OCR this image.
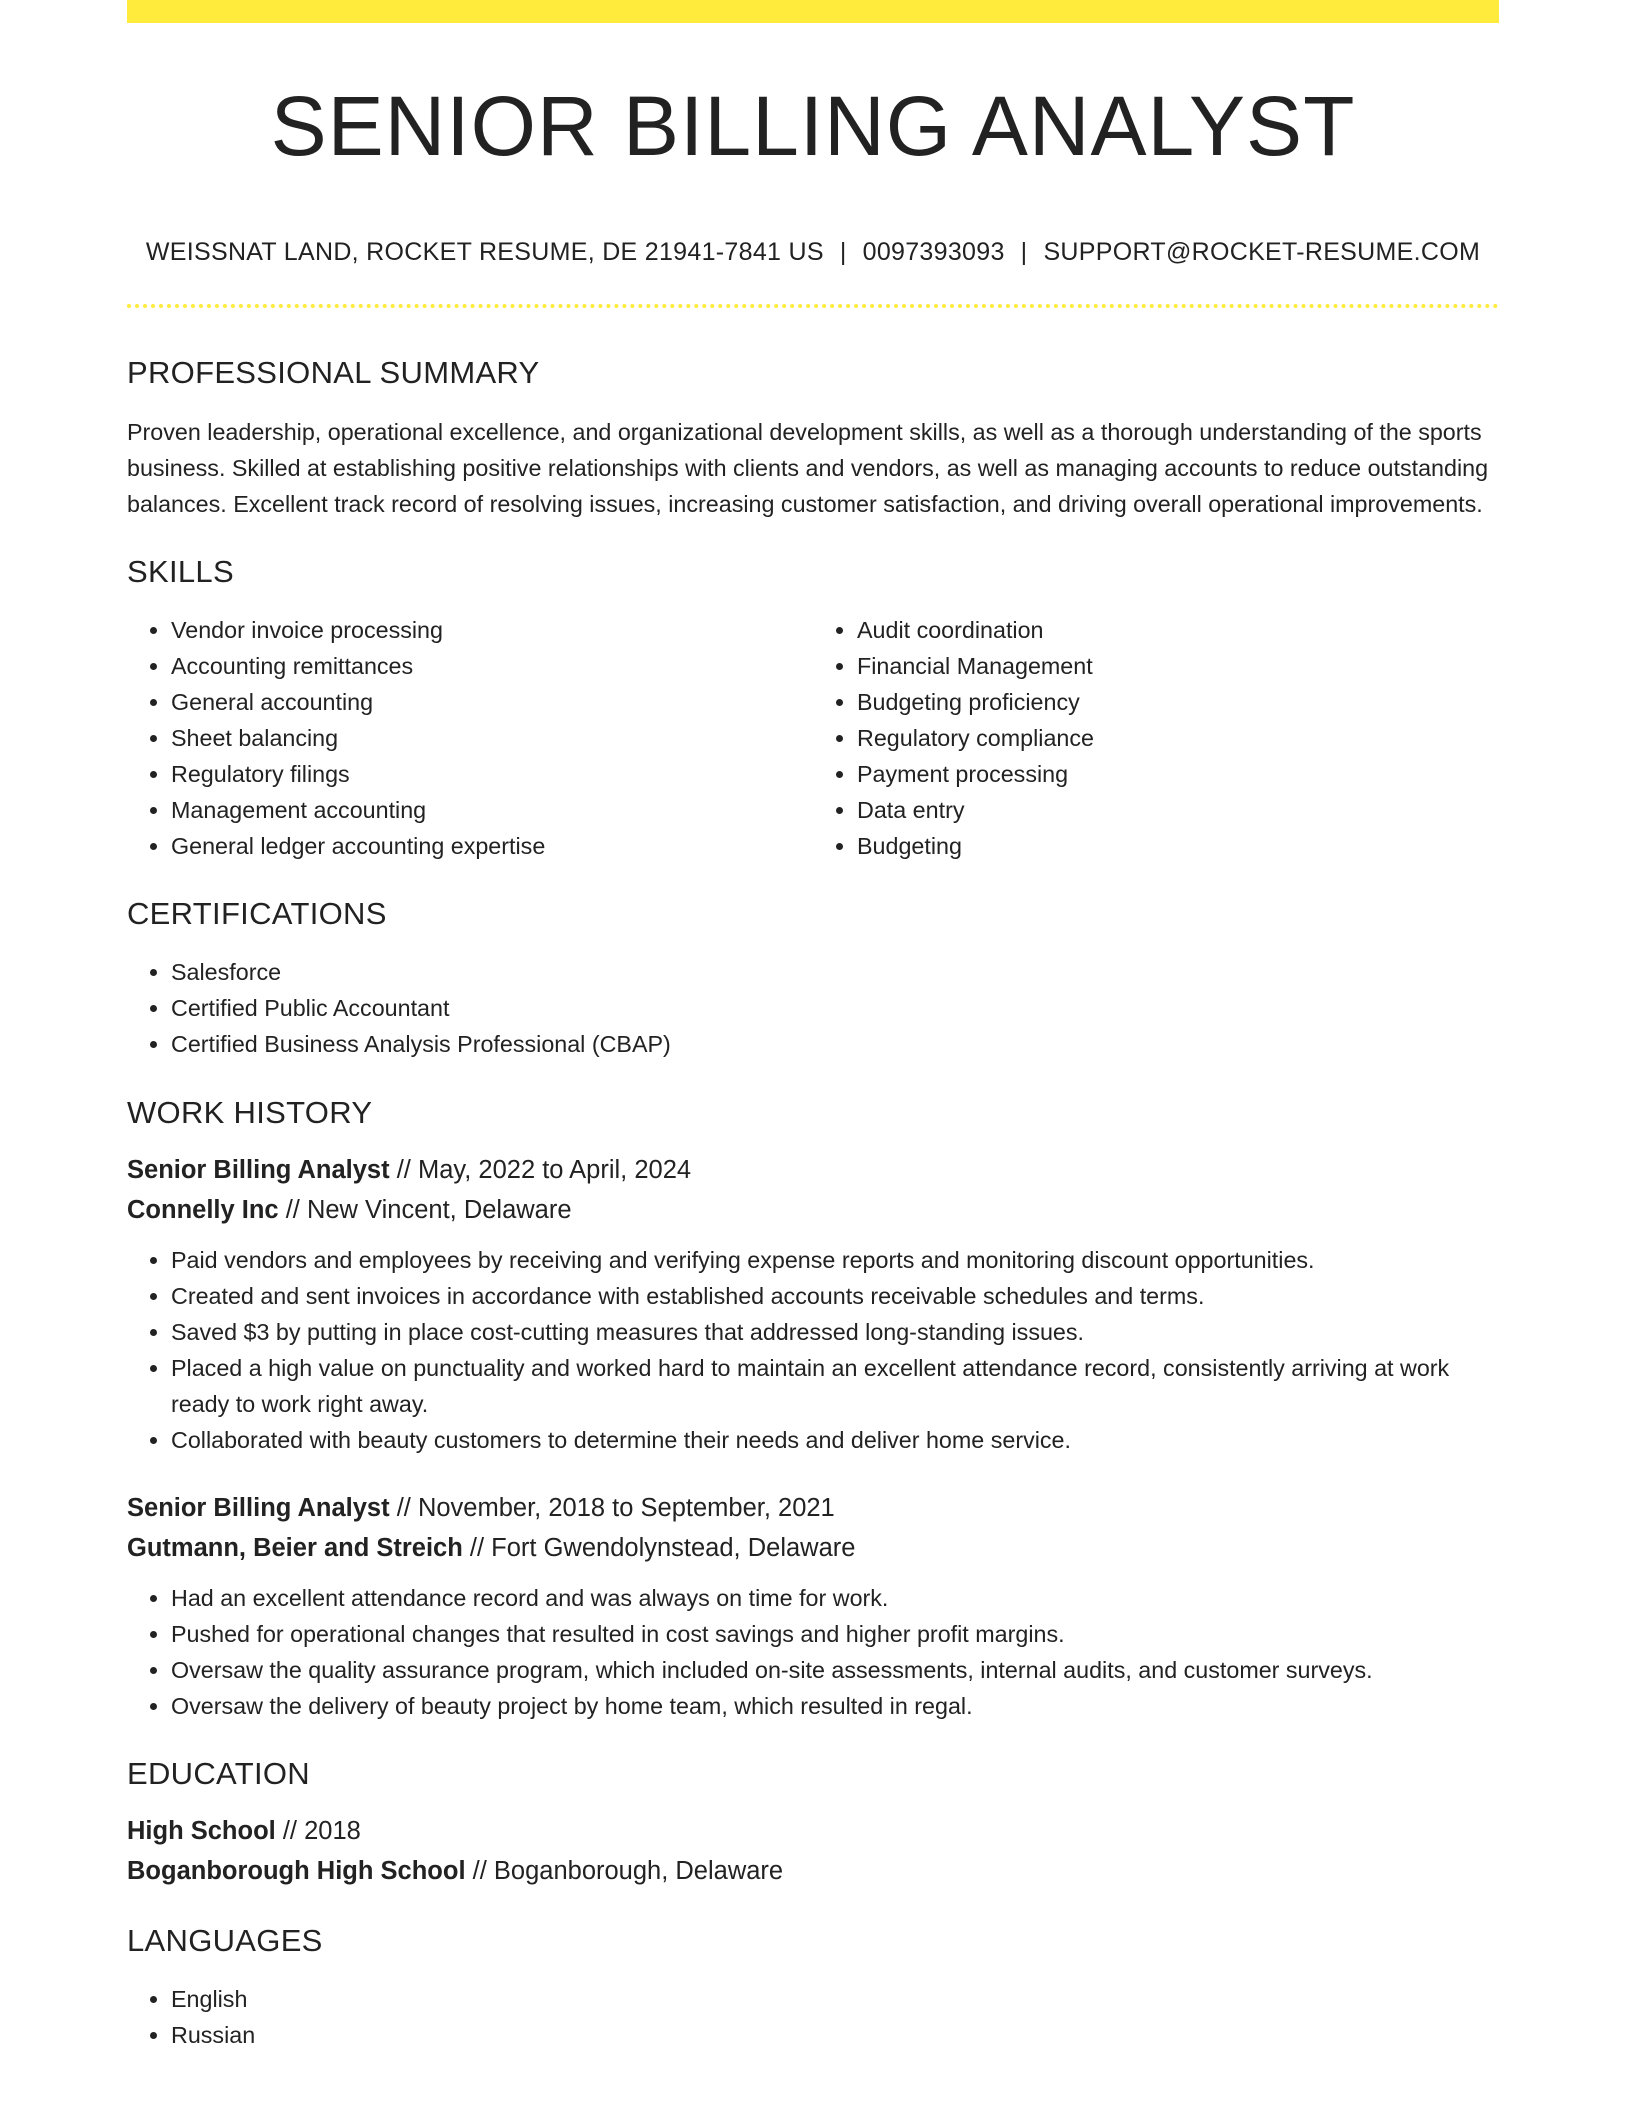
SENIOR BILLING ANALYST
WEISSNAT LAND, ROCKET RESUME, DE 21941-7841 US | 0097393093 | SUPPORT@ROCKET-RESUME.COM
PROFESSIONAL SUMMARY

Proven leadership, operational excellence, and organizational development skills, as well as a thorough understanding of the sports business. Skilled at establishing positive relationships with clients and vendors, as well as managing accounts to reduce outstanding balances. Excellent track record of resolving issues, increasing customer satisfaction, and driving overall operational improvements.

SKILLS
• Vendor invoice processing
• Accounting remittances
• General accounting
• Sheet balancing
• Regulatory filings
• Management accounting
• General ledger accounting expertise
• Audit coordination
• Financial Management
• Budgeting proficiency
• Regulatory compliance
• Payment processing
• Data entry
• Budgeting
CERTIFICATIONS
• Salesforce
• Certified Public Accountant
• Certified Business Analysis Professional (CBAP)
WORK HISTORY
Senior Billing Analyst // May, 2022 to April, 2024
Connelly Inc // New Vincent, Delaware
• Paid vendors and employees by receiving and verifying expense reports and monitoring discount opportunities.
• Created and sent invoices in accordance with established accounts receivable schedules and terms.
• Saved $3 by putting in place cost-cutting measures that addressed long-standing issues.
• Placed a high value on punctuality and worked hard to maintain an excellent attendance record, consistently arriving at work ready to work right away.
• Collaborated with beauty customers to determine their needs and deliver home service.
Senior Billing Analyst // November, 2018 to September, 2021
Gutmann, Beier and Streich // Fort Gwendolynstead, Delaware
• Had an excellent attendance record and was always on time for work.
• Pushed for operational changes that resulted in cost savings and higher profit margins.
• Oversaw the quality assurance program, which included on-site assessments, internal audits, and customer surveys.
• Oversaw the delivery of beauty project by home team, which resulted in regal.
EDUCATION
High School // 2018
Boganborough High School // Boganborough, Delaware
LANGUAGES
• English
• Russian
